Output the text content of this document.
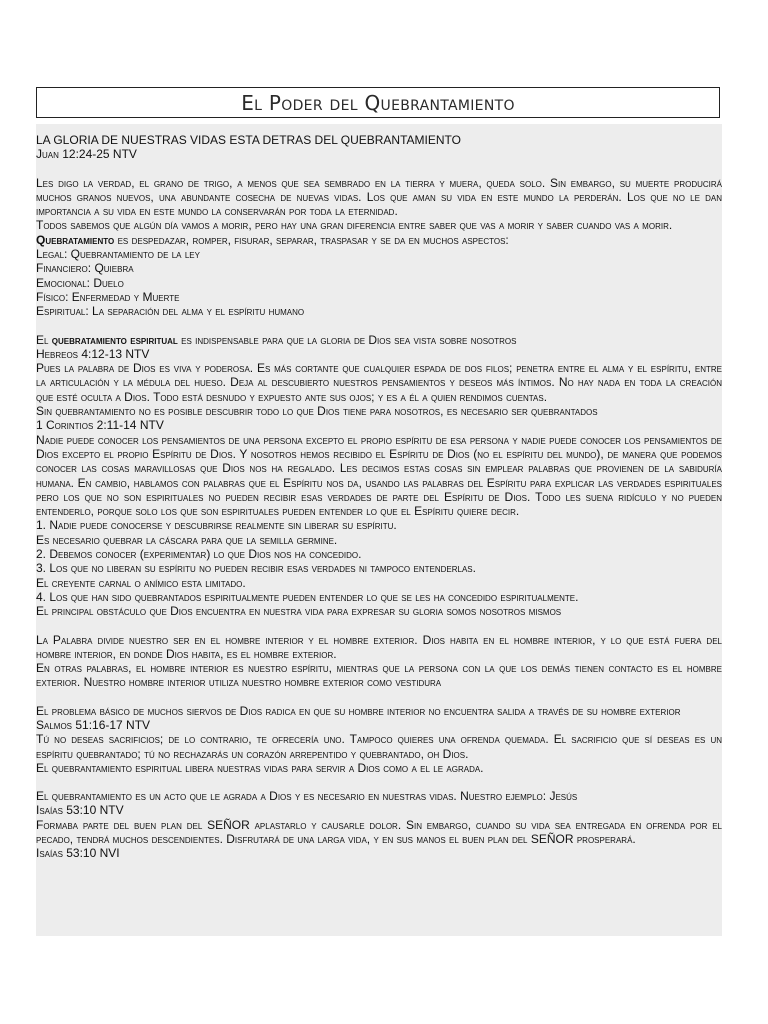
El Poder del Quebrantamiento
LA GLORIA DE NUESTRAS VIDAS ESTA DETRAS DEL QUEBRANTAMIENTO
Juan 12:24-25 NTV
Les digo la verdad, el grano de trigo, a menos que sea sembrado en la tierra y muera, queda solo. Sin embargo, su muerte producirá muchos granos nuevos, una abundante cosecha de nuevas vidas. Los que aman su vida en este mundo la perderán. Los que no le dan importancia a su vida en este mundo la conservarán por toda la eternidad.
Todos sabemos que algún día vamos a morir, pero hay una gran diferencia entre saber que vas a morir y saber cuando vas a morir.
Quebratamiento es despedazar, romper, fisurar, separar, traspasar y se da en muchos aspectos:
Legal: Quebrantamiento de la ley
Financiero: Quiebra
Emocional: Duelo
Físico: Enfermedad y Muerte
Espiritual: La separación del alma y el espíritu humano
El quebratamiento espiritual es indispensable para que la gloria de Dios sea vista sobre nosotros
Hebreos 4:12-13 NTV
Pues la palabra de Dios es viva y poderosa. Es más cortante que cualquier espada de dos filos; penetra entre el alma y el espíritu, entre la articulación y la médula del hueso. Deja al descubierto nuestros pensamientos y deseos más íntimos. No hay nada en toda la creación que esté oculta a Dios. Todo está desnudo y expuesto ante sus ojos; y es a él a quien rendimos cuentas.
Sin quebrantamiento no es posible descubrir todo lo que Dios tiene para nosotros, es necesario ser quebrantados
1 Corintios 2:11-14 NTV
Nadie puede conocer los pensamientos de una persona excepto el propio espíritu de esa persona y nadie puede conocer los pensamientos de Dios excepto el propio Espíritu de Dios. Y nosotros hemos recibido el Espíritu de Dios (no el espíritu del mundo), de manera que podemos conocer las cosas maravillosas que Dios nos ha regalado. Les decimos estas cosas sin emplear palabras que provienen de la sabiduría humana. En cambio, hablamos con palabras que el Espíritu nos da, usando las palabras del Espíritu para explicar las verdades espirituales pero los que no son espirituales no pueden recibir esas verdades de parte del Espíritu de Dios. Todo les suena ridículo y no pueden entenderlo, porque solo los que son espirituales pueden entender lo que el Espíritu quiere decir.
1. Nadie puede conocerse y descubrirse realmente sin liberar su espíritu.
Es necesario quebrar la cáscara para que la semilla germine.
2. Debemos conocer (experimentar) lo que Dios nos ha concedido.
3. Los que no liberan su espíritu no pueden recibir esas verdades ni tampoco entenderlas.
El creyente carnal o anímico esta limitado.
4. Los que han sido quebrantados espiritualmente pueden entender lo que se les ha concedido espiritualmente.
El principal obstáculo que Dios encuentra en nuestra vida para expresar su gloria somos nosotros mismos
La Palabra divide nuestro ser en el hombre interior y el hombre exterior. Dios habita en el hombre interior, y lo que está fuera del hombre interior, en donde Dios habita, es el hombre exterior.
En otras palabras, el hombre interior es nuestro espíritu, mientras que la persona con la que los demás tienen contacto es el hombre exterior. Nuestro hombre interior utiliza nuestro hombre exterior como vestidura
El problema básico de muchos siervos de Dios radica en que su hombre interior no encuentra salida a través de su hombre exterior
Salmos 51:16-17 NTV
Tú no deseas sacrificios; de lo contrario, te ofrecería uno. Tampoco quieres una ofrenda quemada. El sacrificio que sí deseas es un espíritu quebrantado; tú no rechazarás un corazón arrepentido y quebrantado, oh Dios.
El quebrantamiento espiritual libera nuestras vidas para servir a Dios como a el le agrada.
El quebrantamiento es un acto que le agrada a Dios y es necesario en nuestras vidas. Nuestro ejemplo: Jesús
Isaías 53:10 NTV
Formaba parte del buen plan del SEÑOR aplastarlo y causarle dolor. Sin embargo, cuando su vida sea entregada en ofrenda por el pecado, tendrá muchos descendientes. Disfrutará de una larga vida, y en sus manos el buen plan del SEÑOR prosperará.
Isaías 53:10 NVI
